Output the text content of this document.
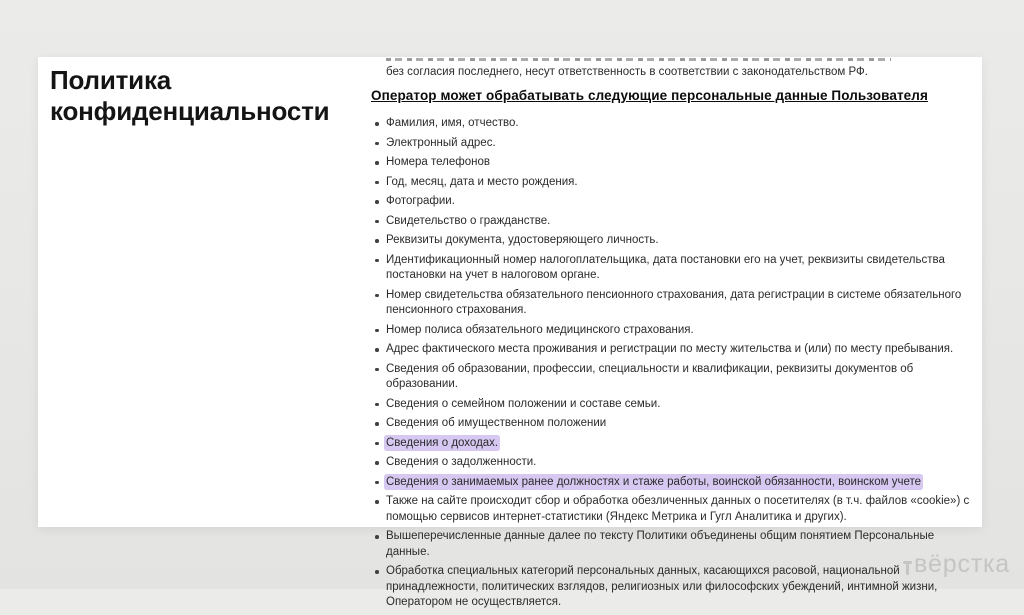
Политика конфиденциальности

без согласия последнего, несут ответственность в соответствии с законодательством РФ.

Оператор может обрабатывать следующие персональные данные Пользователя
Фамилия, имя, отчество.
Электронный адрес.
Номера телефонов
Год, месяц, дата и место рождения.
Фотографии.
Свидетельство о гражданстве.
Реквизиты документа, удостоверяющего личность.
Идентификационный номер налогоплательщика, дата постановки его на учет, реквизиты свидетельства постановки на учет в налоговом органе.
Номер свидетельства обязательного пенсионного страхования, дата регистрации в системе обязательного пенсионного страхования.
Номер полиса обязательного медицинского страхования.
Адрес фактического места проживания и регистрации по месту жительства и (или) по месту пребывания.
Сведения об образовании, профессии, специальности и квалификации, реквизиты документов об образовании.
Сведения о семейном положении и составе семьи.
Сведения об имущественном положении
Сведения о доходах.
Сведения о задолженности.
Сведения о занимаемых ранее должностях и стаже работы, воинской обязанности, воинском учете
Также на сайте происходит сбор и обработка обезличенных данных о посетителях (в т.ч. файлов «cookie») с помощью сервисов интернет-статистики (Яндекс Метрика и Гугл Аналитика и других).
Вышеперечисленные данные далее по тексту Политики объединены общим понятием Персональные данные.
Обработка специальных категорий персональных данных, касающихся расовой, национальной принадлежности, политических взглядов, религиозных или философских убеждений, интимной жизни, Оператором не осуществляется.
вёрстка
